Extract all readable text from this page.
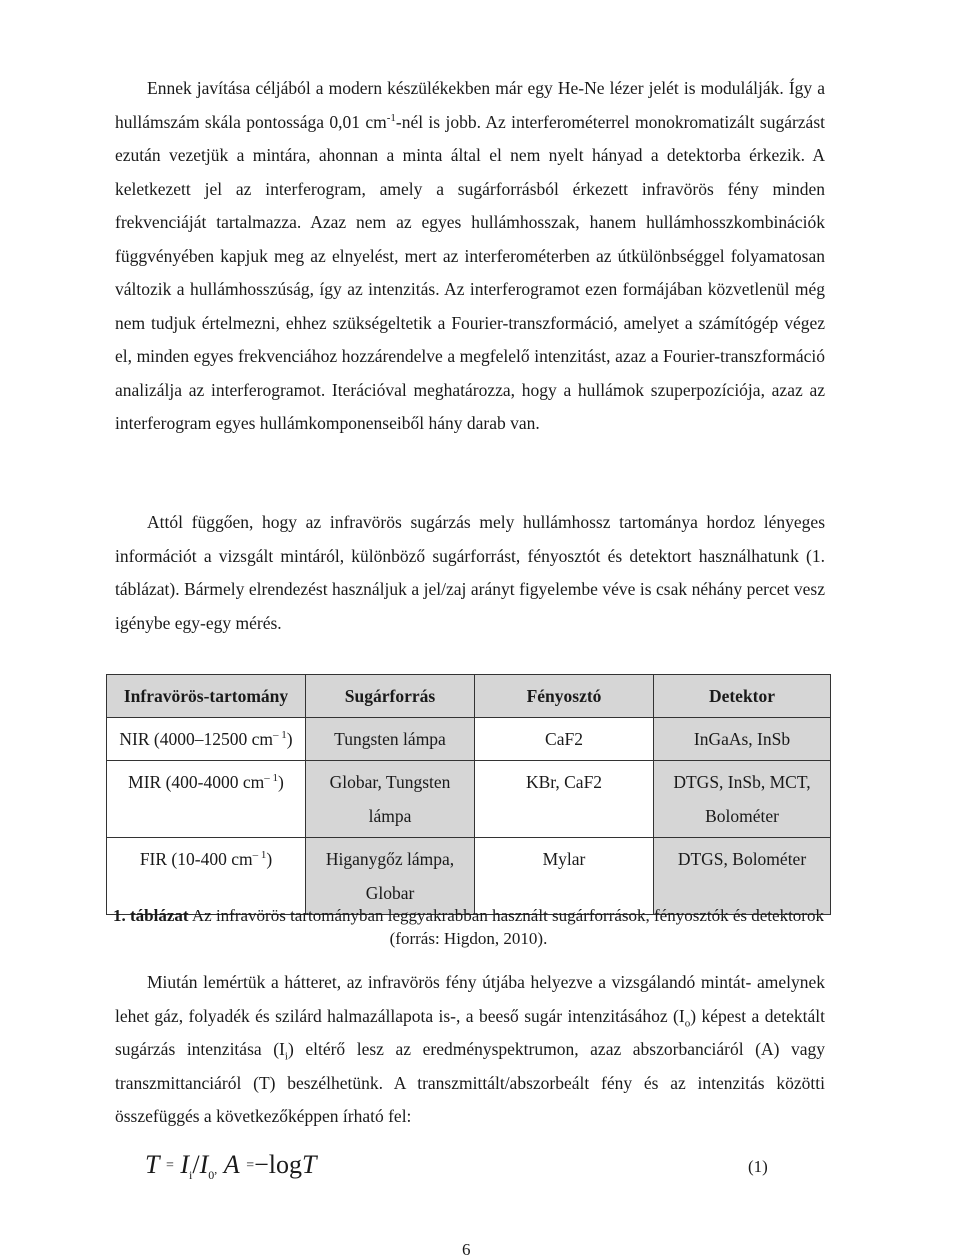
Ennek javítása céljából a modern készülékekben már egy He-Ne lézer jelét is modulálják. Így a hullámszám skála pontossága 0,01 $cm^{-1}$-nél is jobb. Az interferométerrel monokromatizált sugárzást ezután vezetjük a mintára, ahonnan a minta által el nem nyelt hányad a detektorba érkezik. A keletkezett jel az interferogram, amely a sugárforrásból érkezett infravörös fény minden frekvenciáját tartalmazza. Azaz nem az egyes hullámhosszak, hanem hullámhosszkombinációk függvényében kapjuk meg az elnyelést, mert az interferométerben az útkülönbséggel folyamatosan változik a hullámhosszúság, így az intenzitás. Az interferogramot ezen formájában közvetlenül még nem tudjuk értelmezni, ehhez szükségeltetik a Fourier-transzformáció, amelyet a számítógép végez el, minden egyes frekvenciához hozzárendelve a megfelelő intenzitást, azaz a Fourier-transzformáció analizálja az interferogramot. Iterációval meghatározza, hogy a hullámok szuperpozíciója, azaz az interferogram egyes hullámkomponenseiből hány darab van.

Attól függően, hogy az infravörös sugárzás mely hullámhossz tartománya hordoz lényeges információt a vizsgált mintáról, különböző sugárforrást, fényosztót és detektort használhatunk (1. táblázat). Bármely elrendezést használjuk a jel/zaj arányt figyelembe véve is csak néhány percet vesz igénybe egy-egy mérés.

Infravörös-tartomány	Sugárforrás	Fényosztó	Detektor
NIR (4000–12500 $cm^{- 1}$)	Tungsten lámpa	CaF2	InGaAs, InSb
MIR (400-4000 $cm^{- 1}$)	Globar, Tungsten lámpa	KBr, CaF2	DTGS, InSb, MCT, Bolométer
FIR (10-400 $cm^{- 1}$)	Higanygőz lámpa, Globar	Mylar	DTGS, Bolométer
1. táblázat Az infravörös tartományban leggyakrabban használt sugárforrások, fényosztók és detektorok (forrás: Higdon, 2010).

Miután lemértük a hátteret, az infravörös fény útjába helyezve a vizsgálandó mintát- amelynek lehet gáz, folyadék és szilárd halmazállapota is-, a beeső sugár intenzitásához $(I_o)$ képest a detektált sugárzás intenzitása $(I_i)$ eltérő lesz az eredményspektrumon, azaz abszorbanciáról (A) vagy transzmittanciáról (T) beszélhetünk. A transzmittált/abszorbeált fény és az intenzitás közötti összefüggés a következőképpen írható fel:

$T = I_i/I_0$, A =−logT	(1)
6
